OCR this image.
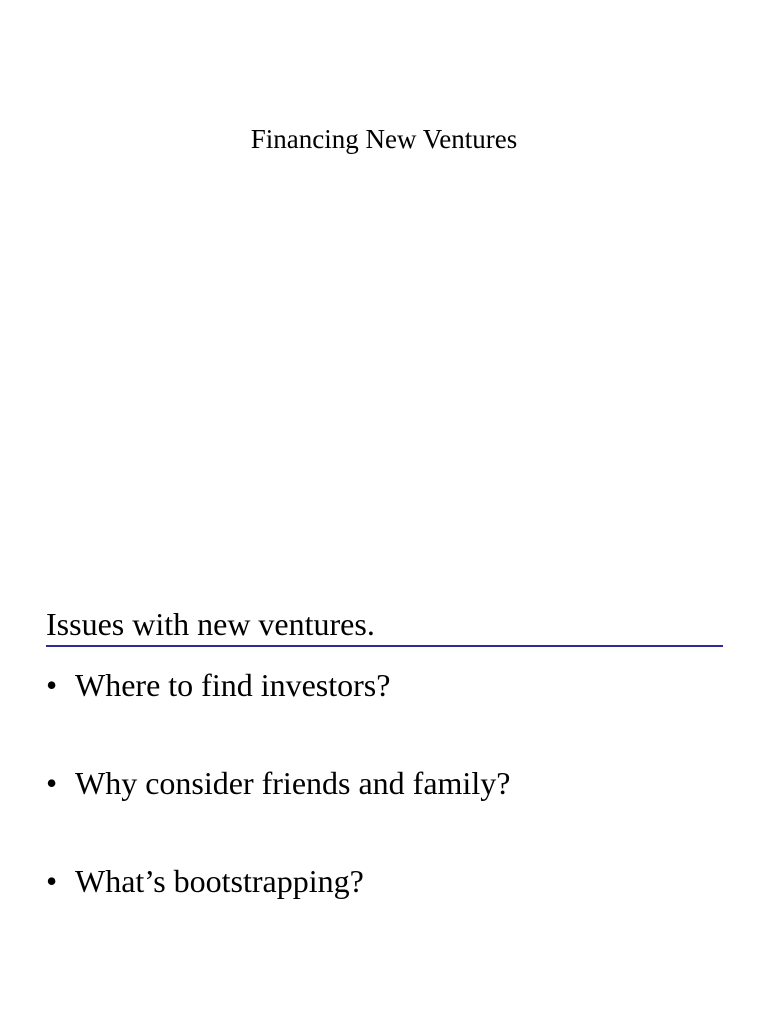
Financing New Ventures
Issues with new ventures.
• Where to find investors?
• Why consider friends and family?
• What’s bootstrapping?
